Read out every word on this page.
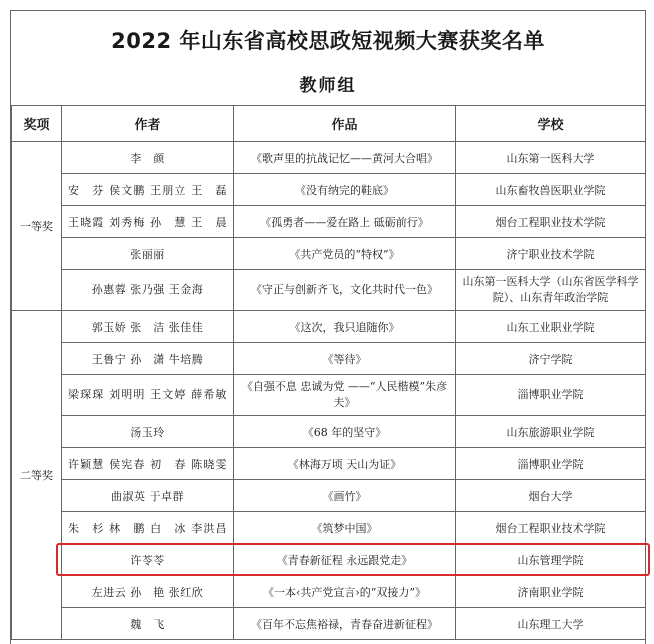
2022 年山东省高校思政短视频大赛获奖名单
教师组
奖项	作者	作品	学校
一等奖	李　颜	《歌声里的抗战记忆——黄河大合唱》	山东第一医科大学
	安　芬 侯文鹏 王朋立 王　磊	《没有纳完的鞋底》	山东畜牧兽医职业学院
	王晓霞 刘秀梅 孙　慧 王　晨	《孤勇者——爱在路上 砥砺前行》	烟台工程职业技术学院
	张丽丽	《共产党员的“特权”》	济宁职业技术学院
	孙惠蓉 张乃强 王金海	《守正与创新齐飞，文化共时代一色》	山东第一医科大学（山东省医学科学院）、山东青年政治学院
二等奖	郭玉娇 张　洁 张佳佳	《这次，我只追随你》	山东工业职业学院
	王鲁宁 孙　潇 牛培腾	《等待》	济宁学院
	梁琛琛 刘明明 王文婷 薛希敏	《自强不息 忠诚为党 ——“人民楷模”朱彦夫》	淄博职业学院
	汤玉玲	《68 年的坚守》	山东旅游职业学院
	许颖慧 侯宪春 初　春 陈晓雯	《林海万顷 天山为证》	淄博职业学院
	曲淑英 于卓群	《画竹》	烟台大学
	朱　杉 林　鹏 白　冰 李洪昌	《筑梦中国》	烟台工程职业技术学院
	许苓苓	《青春新征程 永远跟党走》	山东管理学院
	左进云 孙　艳 张红欣	《一本‹共产党宣言›的“双接力”》	济南职业学院
	魏　飞	《百年不忘焦裕禄，青春奋进新征程》	山东理工大学
